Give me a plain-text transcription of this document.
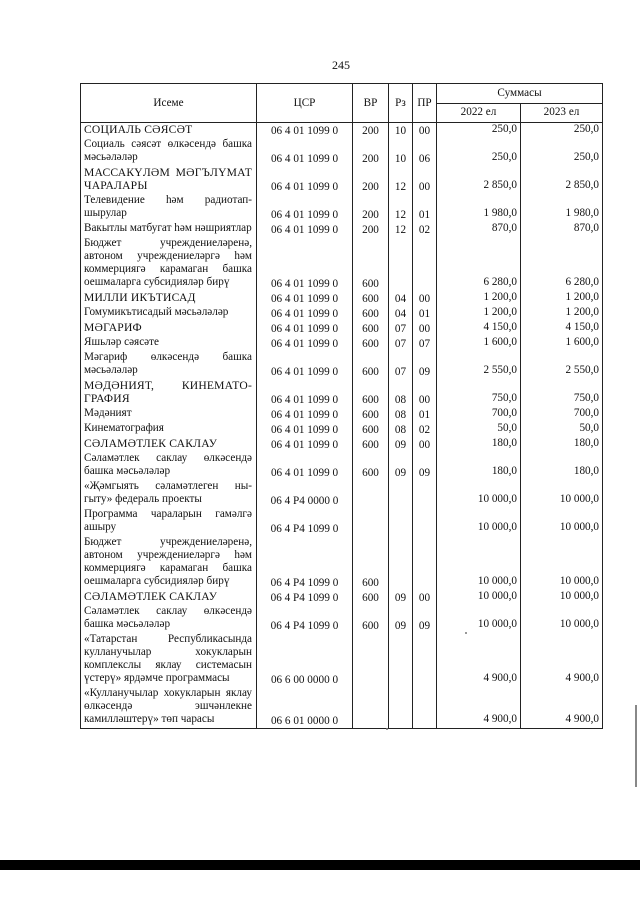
245
Исеме	ЦСР	ВР	Рз	ПР	Суммасы	
					2022 ел	2023 ел
СОЦИАЛЬ СӘЯСӘТ	06 4 01 1099 0	200	10	00	250,0	250,0
Социаль сәясәт өлкәсендә башка мәсьәләләр	06 4 01 1099 0	200	10	06	250,0	250,0
МАССАКҮЛӘМ МӘГЪЛҮМАТ ЧАРАЛАРЫ	06 4 01 1099 0	200	12	00	2 850,0	2 850,0
Телевидение һәм радиотап-шырулар	06 4 01 1099 0	200	12	01	1 980,0	1 980,0
Вакытлы матбугат һәм нәшриятлар	06 4 01 1099 0	200	12	02	870,0	870,0
Бюджет учреждениеләренә, автоном учреждениеләргә һәм коммерциягә карамаган башка оешмаларга субсидияләр бирү	06 4 01 1099 0	600			6 280,0	6 280,0
МИЛЛИ ИКЪТИСАД	06 4 01 1099 0	600	04	00	1 200,0	1 200,0
Гомумикътисадый мәсьәләләр	06 4 01 1099 0	600	04	01	1 200,0	1 200,0
МӘГАРИФ	06 4 01 1099 0	600	07	00	4 150,0	4 150,0
Яшьләр сәясәте	06 4 01 1099 0	600	07	07	1 600,0	1 600,0
Мәгариф өлкәсендә башка мәсьәләләр	06 4 01 1099 0	600	07	09	2 550,0	2 550,0
МӘДӘНИЯТ, КИНЕМАТО-ГРАФИЯ	06 4 01 1099 0	600	08	00	750,0	750,0
Мәдәният	06 4 01 1099 0	600	08	01	700,0	700,0
Кинематография	06 4 01 1099 0	600	08	02	50,0	50,0
СӘЛАМӘТЛЕК САКЛАУ	06 4 01 1099 0	600	09	00	180,0	180,0
Сәламәтлек саклау өлкәсендә башка мәсьәләләр	06 4 01 1099 0	600	09	09	180,0	180,0
«Җәмгыять сәламәтлеген ны-гыту» федераль проекты	06 4 P4 0000 0				10 000,0	10 000,0
Программа чараларын гамәлгә ашыру	06 4 P4 1099 0				10 000,0	10 000,0
Бюджет учреждениеләренә, автоном учреждениеләргә һәм коммерциягә карамаган башка оешмаларга субсидияләр бирү	06 4 P4 1099 0	600			10 000,0	10 000,0
СӘЛАМӘТЛЕК САКЛАУ	06 4 P4 1099 0	600	09	00	10 000,0	10 000,0
Сәламәтлек саклау өлкәсендә башка мәсьәләләр	06 4 P4 1099 0	600	09	09	10 000,0	10 000,0
«Татарстан Республикасында кулланучылар хокукларын комплекслы яклау системасын үстерү» ярдәмче программасы	06 6 00 0000 0				4 900,0	4 900,0
«Кулланучылар хокукларын яклау өлкәсендә эшчәнлекне камилләштерү» төп чарасы	06 6 01 0000 0				4 900,0	4 900,0
